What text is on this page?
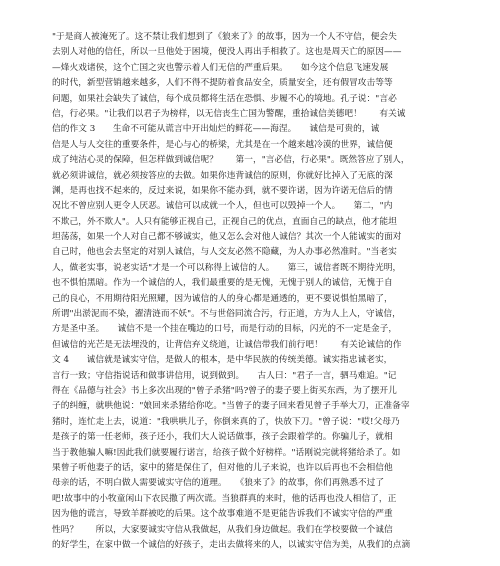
"于是商人被淹死了。这不禁让我们想到了《狼来了》的故事，因为一个人不守信，便会失
去别人对他的信任，所以一旦他处于困境，便没人再出手相救了。这也是周天亡的原因——
—烽火戏诸侯，这个亡国之灾也警示着人们无信的严重后果。　　如今这个信息飞速发展
的时代，新型营销越来越多，人们不得不提防着食品安全，质量安全，还有假冒攻击等等
问题，如果社会缺失了诚信，每个成员都将生活在恐惧、步履不心的境地。孔子说："言必
信，行必果。"让我们以君子为榜样，以无信丧生亡国为警醒，重拾诚信美德吧！　　有关诚
信的作文 3　　生命不可能从谎言中开出灿烂的鲜花——海涅。　　诚信是可贵的，诚
信是人与人交往的重要条件，是心与心的桥梁，尤其是在一个越来越冷漠的世界，诚信便
成了纯洁心灵的保障，但怎样做到诚信呢？　　第一，"言必信，行必果"。既然答应了别人，
就必须讲诚信，就必须按答应的去做。如果你违背诚信的原则，你就好比掉入了无底的深
渊，是再也找不起来的，反过来说，如果你不能办到，就不要许诺，因为许诺无信后的情
况比不曾应别人更令人厌恶。诚信可以成就一个人，但也可以毁掉一个人。　　第二，"内
不欺己，外不欺人"。人只有能够正视自己，正视自己的优点，直面自己的缺点，他才能坦
坦荡荡，如果一个人对自己都不够诚实，他又怎么会对他人诚信？其次一个人能诚实的面对
自己时，他也会去坚定的对别人诚信，与人交友必然不隐藏，为人办事必然准时。"当老实
人，做老实事，说老实话"才是一个可以称得上诚信的人。　　第三，诚信者既不期待光明，
也不惧怕黑暗。作为一个诚信的人，我们最重要的是无愧，无愧于别人的诚信，无愧于自
己的良心，不用期待阳光照耀，因为诚信的人的身心都是通透的，更不要说惧怕黑暗了，
所谓"出淤泥而不染，濯清涟而不妖"。不与世俗同流合污，行正道，方为人上人，守诚信，
方是圣中圣。　　诚信不是一个挂在嘴边的口号，而是行动的目标，闪光的不一定是金子，
但诚信的光芒是无法埋没的，让背信弃义绕道，让诚信带我们前行吧！　　有关论诚信的作
文 4　　诚信就是诚实守信，是做人的根本，是中华民族的传统美德。诚实指忠诚老实，
言行一致；守信指说话和做事讲信用，说到做到。　　古人曰："君子一言，驷马难追。"记
得在《品德与社会》书上多次出现的"曾子杀猪"吗?曾子的妻子要上街买东西，为了摆开儿
子的纠缠，就哄他说："娘回来杀猪给你吃。"当曾子的妻子回来看见曾子手举大刀，正准备宰
猪时，连忙走上去，说道："我哄哄儿子，你倒来真的了，快放下刀。"曾子说："哎!父母乃
是孩子的第一任老师，孩子还小，我们大人说话做事，孩子会跟着学的。你骗儿子，就相
当于教他骗人嘛!因此我们就要履行诺言，给孩子做个好榜样。"话刚说完就将猪给杀了。如
果曾子听他妻子的话，家中的猪是保住了，但对他的儿子来说，也许以后再也不会相信他
母亲的话，不明白做人需要诚实守信的道理。　　《狼来了》的故事，你们再熟悉不过了
吧!故事中的小牧童闲山下农民撒了两次谎。当狼群真的来时，他的话再也没人相信了，正
因为他的谎言，导致羊群被吃的后果。这个故事难道不是更能告诉我们不诚实守信的严重
性吗？　　所以，大家要诚实守信从我做起，从我们身边做起。我们在学校要做一个诚信
的好学生，在家中做一个诚信的好孩子，走出去做将来的人，以诚实守信为美，从我们的点滴
